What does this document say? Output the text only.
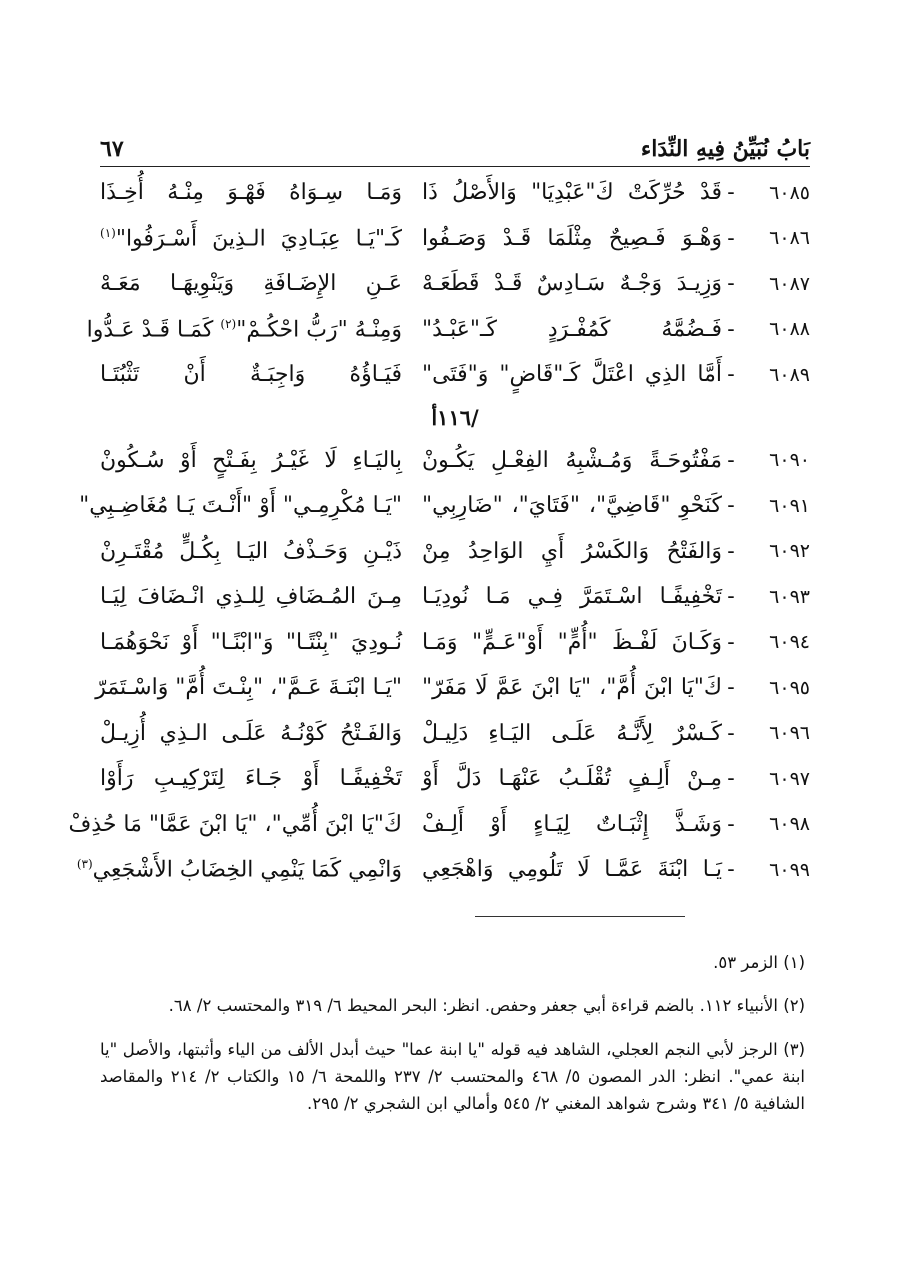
بَابُ نُبَيِّنُ فِيهِ النِّدَاء
٦٧
٦٠٨٥
-
قَدْ حُرِّكَتْ كَ"عَبْدِيَا" وَالأَصْلُ ذَا
وَمَـا سِـوَاهُ فَهْـوَ مِنْـهُ أُخِـذَا
٦٠٨٦
-
وَهْـوَ فَـصِيحٌ مِثْلَمَا قَـدْ وَصَـفُوا
كَـ"يَـا عِبَـادِيَ الـذِينَ أَسْـرَفُوا"$^{(١)}$
٦٠٨٧
-
وَزِيـدَ وَجْـهٌ سَـادِسٌ قَـدْ قَطَعَـهْ
عَـنِ الإِضَـافَةِ وَيَنْوِيهَـا مَعَـهْ
٦٠٨٨
-
فَـضُمَّهُ كَمُفْـرَدٍ كَـ"عَبْـدُ"
وَمِنْـهُ "رَبُّ احْكُـمْ"$^{(٢)}$ كَمَـا قَـدْ عَـدُّوا
٦٠٨٩
-
أَمَّا الذِي اعْتَلَّ كَـ"قَاضٍ" وَ"فَتَى"
فَيَـاؤُهُ وَاجِبَـةٌ أَنْ تَثْبُتَـا
/١١٦أ
٦٠٩٠
-
مَفْتُوحَـةً وَمُـشْبِهُ الفِعْـلِ يَكُـونْ
بِاليَـاءِ لَا غَيْـرُ بِفَـتْحٍ أَوْ سُـكُونْ
٦٠٩١
-
كَنَحْوِ "قَاضِيَّ"، "فَتَايَ"، "ضَارِبِي"
"يَـا مُكْرِمِـي" أَوْ "أَنْـتَ يَـا مُغَاضِـبِي"
٦٠٩٢
-
وَالفَتْحُ وَالكَسْرُ أَيِ الوَاحِدُ مِنْ
ذَيْـنِ وَحَـذْفُ اليَـا بِكُـلٍّ مُقْتَـرِنْ
٦٠٩٣
-
تَخْفِيفًـا اسْـتَمَرَّ فِـي مَـا نُودِيَـا
مِـنَ المُـضَافِ لِلـذِي انْـضَافَ لِيَـا
٦٠٩٤
-
وَكَـانَ لَفْـظَ "أُمٍّ" أَوْ"عَـمٍّ" وَمَـا
نُـودِيَ "بِنْتًـا" وَ"ابْنًـا" أَوْ نَحْوَهُمَـا
٦٠٩٥
-
كَ"يَا ابْنَ أُمَّ"، "يَا ابْنَ عَمَّ لَا مَفَرّ"
"يَـا ابْنَـةَ عَـمَّ"، "بِنْـتَ أُمَّ" وَاسْـتَمَرّ
٦٠٩٦
-
كَـسْرٌ لِأَنَّـهُ عَلَـى اليَـاءِ دَلِيـلْ
وَالفَـتْحُ كَوْنُـهُ عَلَـى الـذِي أُزِيـلْ
٦٠٩٧
-
مِـنْ أَلِـفٍ تُقْلَـبُ عَنْهَـا دَلَّ أَوْ
تَخْفِيفًـا أَوْ جَـاءَ لِتَرْكِيـبِ رَأَوْا
٦٠٩٨
-
وَشَـذَّ إِثْبَـاتٌ لِيَـاءٍ أَوْ أَلِـفْ
كَ"يَا ابْنَ أُمِّي"، "يَا ابْنَ عَمَّا" مَا حُذِفْ
٦٠٩٩
-
يَـا ابْنَةَ عَمَّـا لَا تَلُومِي وَاهْجَعِي
وَانْمِي كَمَا يَنْمِي الخِضَابُ الأَشْجَعِي$^{(٣)}$

(١) الزمر ٥٣.

(٢) الأنبياء ١١٢. بالضم قراءة أبي جعفر وحفص. انظر: البحر المحيط ٦/ ٣١٩ والمحتسب ٢/ ٦٨.

(٣) الرجز لأبي النجم العجلي، الشاهد فيه قوله "يا ابنة عما" حيث أبدل الألف من الياء وأثبتها، والأصل "يا ابنة عمي". انظر: الدر المصون ٥/ ٤٦٨ والمحتسب ٢/ ٢٣٧ واللمحة ٦/ ١٥ والكتاب ٢/ ٢١٤ والمقاصد الشافية ٥/ ٣٤١ وشرح شواهد المغني ٢/ ٥٤٥ وأمالي ابن الشجري ٢/ ٢٩٥.
